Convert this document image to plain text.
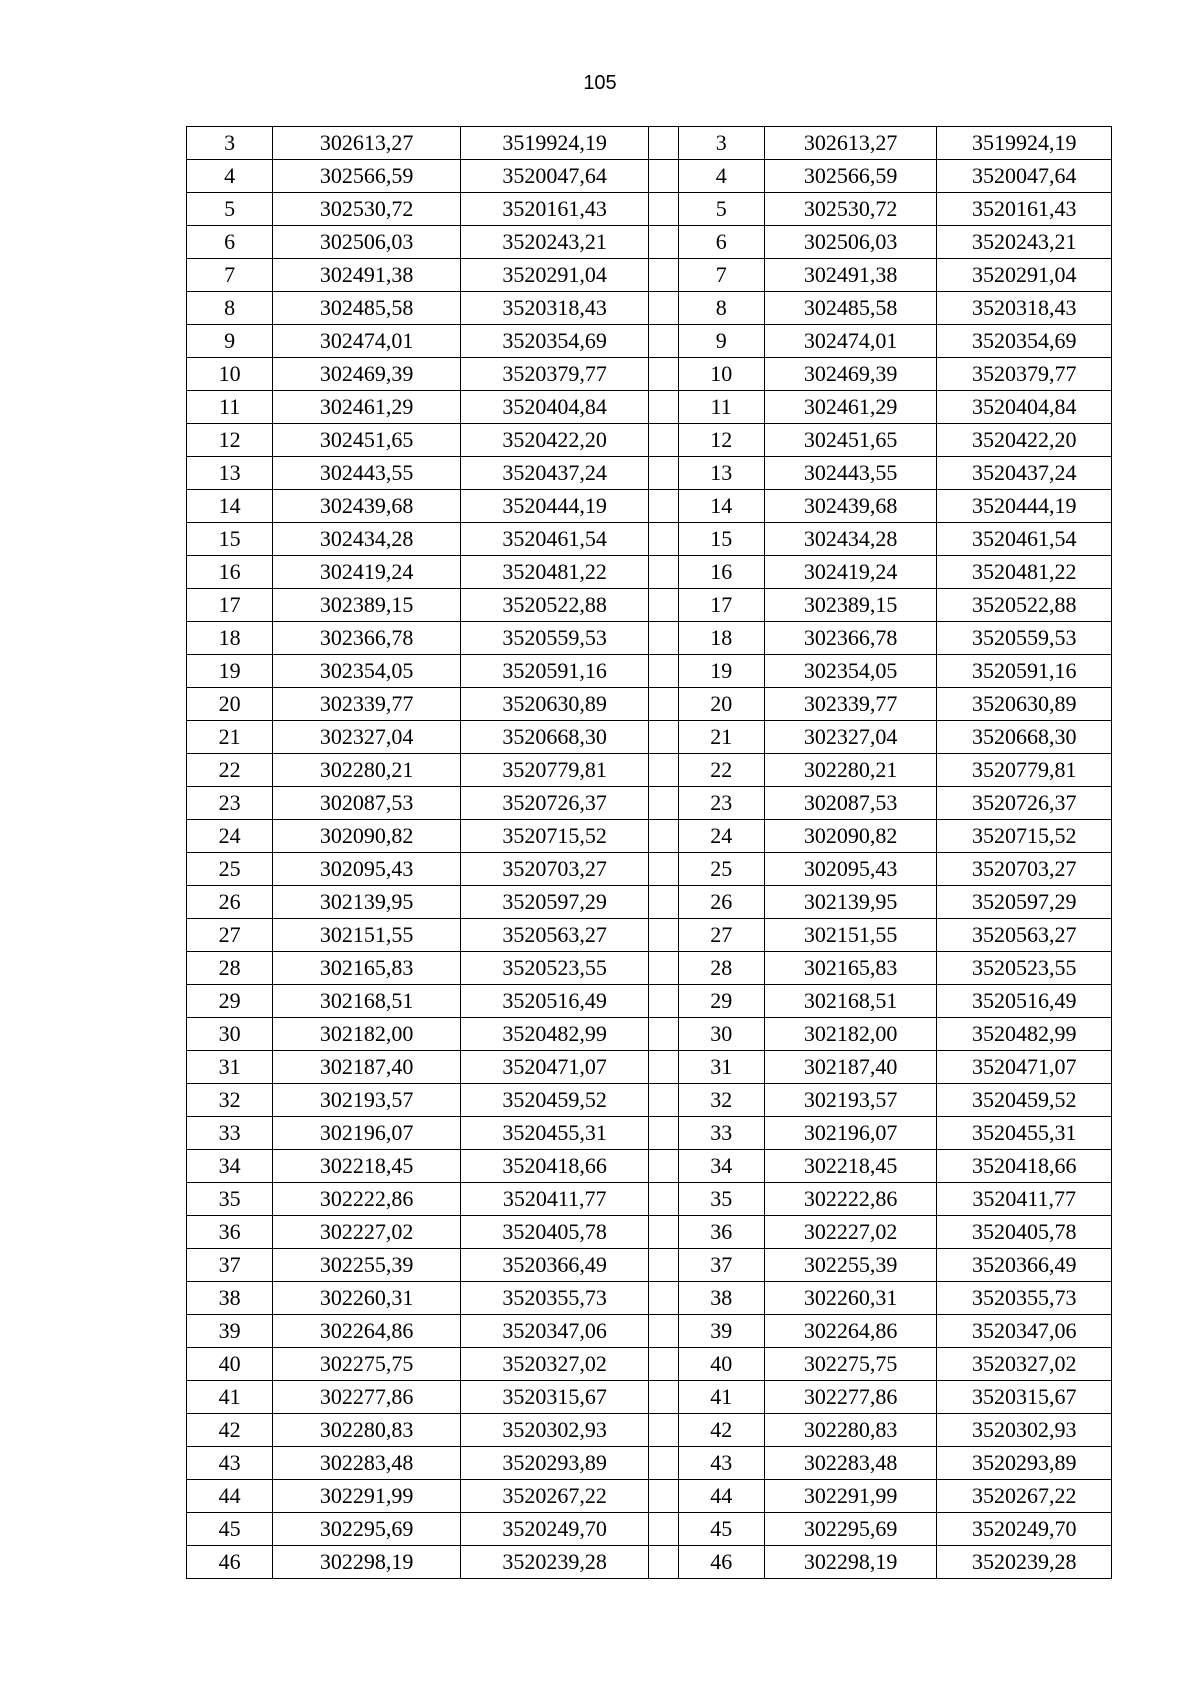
105
3	302613,27	3519924,19		3	302613,27	3519924,19
4	302566,59	3520047,64		4	302566,59	3520047,64
5	302530,72	3520161,43		5	302530,72	3520161,43
6	302506,03	3520243,21		6	302506,03	3520243,21
7	302491,38	3520291,04		7	302491,38	3520291,04
8	302485,58	3520318,43		8	302485,58	3520318,43
9	302474,01	3520354,69		9	302474,01	3520354,69
10	302469,39	3520379,77		10	302469,39	3520379,77
11	302461,29	3520404,84		11	302461,29	3520404,84
12	302451,65	3520422,20		12	302451,65	3520422,20
13	302443,55	3520437,24		13	302443,55	3520437,24
14	302439,68	3520444,19		14	302439,68	3520444,19
15	302434,28	3520461,54		15	302434,28	3520461,54
16	302419,24	3520481,22		16	302419,24	3520481,22
17	302389,15	3520522,88		17	302389,15	3520522,88
18	302366,78	3520559,53		18	302366,78	3520559,53
19	302354,05	3520591,16		19	302354,05	3520591,16
20	302339,77	3520630,89		20	302339,77	3520630,89
21	302327,04	3520668,30		21	302327,04	3520668,30
22	302280,21	3520779,81		22	302280,21	3520779,81
23	302087,53	3520726,37		23	302087,53	3520726,37
24	302090,82	3520715,52		24	302090,82	3520715,52
25	302095,43	3520703,27		25	302095,43	3520703,27
26	302139,95	3520597,29		26	302139,95	3520597,29
27	302151,55	3520563,27		27	302151,55	3520563,27
28	302165,83	3520523,55		28	302165,83	3520523,55
29	302168,51	3520516,49		29	302168,51	3520516,49
30	302182,00	3520482,99		30	302182,00	3520482,99
31	302187,40	3520471,07		31	302187,40	3520471,07
32	302193,57	3520459,52		32	302193,57	3520459,52
33	302196,07	3520455,31		33	302196,07	3520455,31
34	302218,45	3520418,66		34	302218,45	3520418,66
35	302222,86	3520411,77		35	302222,86	3520411,77
36	302227,02	3520405,78		36	302227,02	3520405,78
37	302255,39	3520366,49		37	302255,39	3520366,49
38	302260,31	3520355,73		38	302260,31	3520355,73
39	302264,86	3520347,06		39	302264,86	3520347,06
40	302275,75	3520327,02		40	302275,75	3520327,02
41	302277,86	3520315,67		41	302277,86	3520315,67
42	302280,83	3520302,93		42	302280,83	3520302,93
43	302283,48	3520293,89		43	302283,48	3520293,89
44	302291,99	3520267,22		44	302291,99	3520267,22
45	302295,69	3520249,70		45	302295,69	3520249,70
46	302298,19	3520239,28		46	302298,19	3520239,28
